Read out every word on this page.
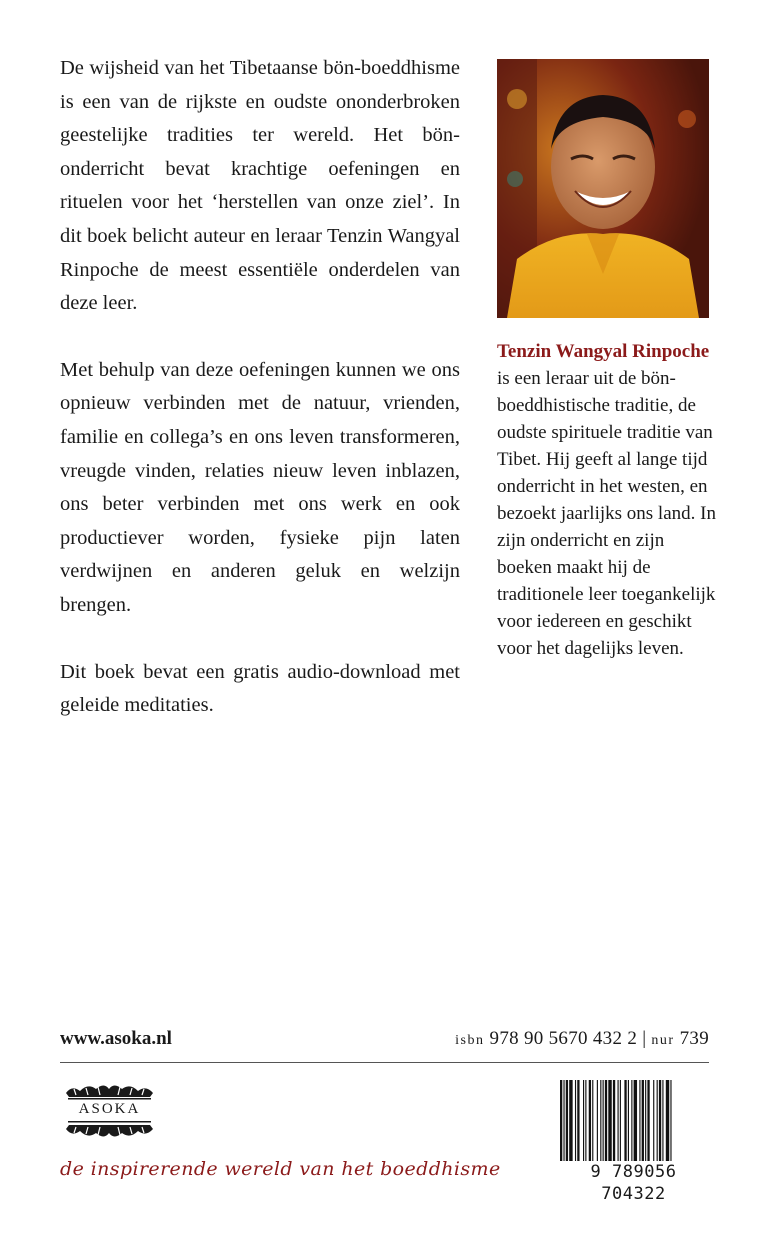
De wijsheid van het Tibetaanse bön-boeddhisme is een van de rijkste en oudste ononderbroken geestelijke tradities ter wereld. Het bön-onderricht bevat krachtige oefeningen en rituelen voor het ‘herstellen van onze ziel’. In dit boek belicht auteur en leraar Tenzin Wangyal Rinpoche de meest essentiële onderdelen van deze leer.

Met behulp van deze oefeningen kunnen we ons opnieuw verbinden met de natuur, vrienden, familie en collega’s en ons leven transformeren, vreugde vinden, relaties nieuw leven inblazen, ons beter verbinden met ons werk en ook productiever worden, fysieke pijn laten verdwijnen en anderen geluk en welzijn brengen.

Dit boek bevat een gratis audio-download met geleide meditaties.

Tenzin Wangyal Rinpoche

is een leraar uit de bön-boeddhistische traditie, de oudste spirituele traditie van Tibet. Hij geeft al lange tijd onderricht in het westen, en bezoekt jaarlijks ons land. In zijn onderricht en zijn boeken maakt hij de traditionele leer toegankelijk voor iedereen en geschikt voor het dagelijks leven.

www.asoka.nl	isbn 978 90 5670 432 2 | nur 739
ASOKA
de inspirerende wereld van het boeddhisme	9 789056 704322
